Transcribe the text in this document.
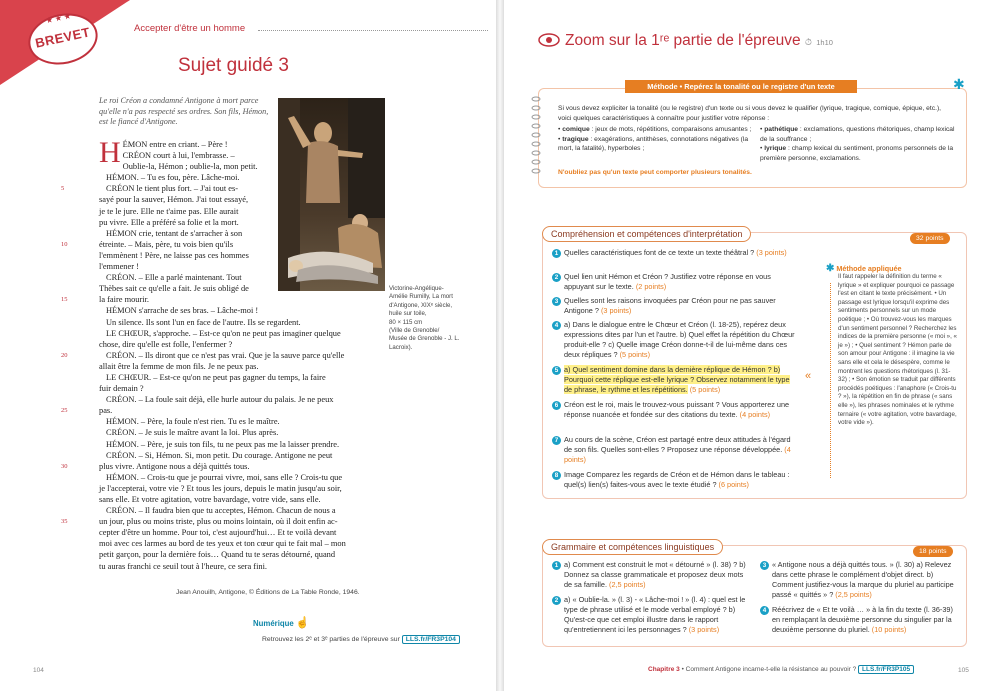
★ ★ ★
BREVET	Accepter d'être un homme
Sujet guidé 3
Le roi Créon a condamné Antigone à mort parce qu'elle n'a pas respecté ses ordres. Son fils, Hémon, est le fiancé d'Antigone.
Victorine-Angélique-
Amélie Rumilly, La mort
d'Antigone, XIXᵉ siècle,
huile sur toile,
80 × 115 cm
(Ville de Grenoble/
Musée de Grenoble - J. L.
Lacroix).
H ÉMON entre en criant. – Père !
CRÉON court à lui, l'embrasse. –
Oublie-la, Hémon ; oublie-la, mon petit.
HÉMON. – Tu es fou, père. Lâche-moi.
5	CRÉON le tient plus fort. – J'ai tout es-
sayé pour la sauver, Hémon. J'ai tout essayé,
je te le jure. Elle ne t'aime pas. Elle aurait
pu vivre. Elle a préféré sa folie et la mort.
HÉMON crie, tentant de s'arracher à son
10	étreinte. – Mais, père, tu vois bien qu'ils
l'emmènent ! Père, ne laisse pas ces hommes
l'emmener !
CRÉON. – Elle a parlé maintenant. Tout
Thèbes sait ce qu'elle a fait. Je suis obligé de
15	la faire mourir.
HÉMON s'arrache de ses bras. – Lâche-moi !
Un silence. Ils sont l'un en face de l'autre. Ils se regardent.
LE CHŒUR, s'approche. – Est-ce qu'on ne peut pas imaginer quelque
chose, dire qu'elle est folle, l'enfermer ?
20	CRÉON. – Ils diront que ce n'est pas vrai. Que je la sauve parce qu'elle
allait être la femme de mon fils. Je ne peux pas.
LE CHŒUR. – Est-ce qu'on ne peut pas gagner du temps, la faire
fuir demain ?
CRÉON. – La foule sait déjà, elle hurle autour du palais. Je ne peux
25	pas.
HÉMON. – Père, la foule n'est rien. Tu es le maître.
CRÉON. – Je suis le maître avant la loi. Plus après.
HÉMON. – Père, je suis ton fils, tu ne peux pas me la laisser prendre.
CRÉON. – Si, Hémon. Si, mon petit. Du courage. Antigone ne peut
30	plus vivre. Antigone nous a déjà quittés tous.
HÉMON. – Crois-tu que je pourrai vivre, moi, sans elle ? Crois-tu que
je l'accepterai, votre vie ? Et tous les jours, depuis le matin jusqu'au soir,
sans elle. Et votre agitation, votre bavardage, votre vide, sans elle.
CRÉON. – Il faudra bien que tu acceptes, Hémon. Chacun de nous a
35	un jour, plus ou moins triste, plus ou moins lointain, où il doit enfin ac-
cepter d'être un homme. Pour toi, c'est aujourd'hui… Et te voilà devant
moi avec ces larmes au bord de tes yeux et ton cœur qui te fait mal – mon
petit garçon, pour la dernière fois… Quand tu te seras détourné, quand
tu auras franchi ce seuil tout à l'heure, ce sera fini.
Jean Anouilh, Antigone, © Éditions de La Table Ronde, 1946.
Numérique ☝
Retrouvez les 2ᵉ et 3ᵉ parties de l'épreuve sur LLS.fr/FR3P104
104
Zoom sur la 1ʳᵉ partie de l'épreuve ⏱ 1h10
Méthode • Repérez la tonalité ou le registre d'un texte	✱
Si vous devez expliciter la tonalité (ou le registre) d'un texte ou si vous devez le qualifier (lyrique, tragique, comique, épique, etc.), voici quelques caractéristiques à connaître pour justifier votre réponse :
• comique : jeux de mots, répétitions, comparaisons amusantes ;
• tragique : exagérations, antithèses, connotations négatives (la mort, la fatalité), hyperboles ;
• pathétique : exclamations, questions rhétoriques, champ lexical de la souffrance ;
• lyrique : champ lexical du sentiment, pronoms personnels de la première personne, exclamations.
N'oubliez pas qu'un texte peut comporter plusieurs tonalités.
Compréhension et compétences d'interprétation	32 points
1 Quelles caractéristiques font de ce texte un texte théâtral ? (3 points)
2 Quel lien unit Hémon et Créon ? Justifiez votre réponse en vous appuyant sur le texte. (2 points)
3 Quelles sont les raisons invoquées par Créon pour ne pas sauver Antigone ? (3 points)
4 a) Dans le dialogue entre le Chœur et Créon (l. 18-25), repérez deux expressions dites par l'un et l'autre. b) Quel effet la répétition du Chœur produit-elle ? c) Quelle image Créon donne-t-il de lui-même dans ces deux répliques ? (5 points)
5 a) Quel sentiment domine dans la dernière réplique de Hémon ? b) Pourquoi cette réplique est-elle lyrique ? Observez notamment le type de phrase, le rythme et les répétitions. (5 points)
6 Créon est le roi, mais le trouvez-vous puissant ? Vous apporterez une réponse nuancée et fondée sur des citations du texte. (4 points)
7 Au cours de la scène, Créon est partagé entre deux attitudes à l'égard de son fils. Quelles sont-elles ? Proposez une réponse développée. (4 points)
8 Image Comparez les regards de Créon et de Hémon dans le tableau : quel(s) lien(s) faites-vous avec le texte étudié ? (6 points)
✱ Méthode appliquée
Il faut rappeler la définition du terme « lyrique » et expliquer pourquoi ce passage l'est en citant le texte précisément. • Un passage est lyrique lorsqu'il exprime des sentiments personnels sur un mode poétique ; • Où trouvez-vous les marques d'un sentiment personnel ? Recherchez les indices de la première personne (« moi », « je ») ; • Quel sentiment ? Hémon parle de son amour pour Antigone : il imagine la vie sans elle et cela le désespère, comme le montrent les questions rhétoriques (l. 31-32) ; • Son émotion se traduit par différents procédés poétiques : l'anaphore (« Crois-tu ? »), la répétition en fin de phrase (« sans elle »), les phrases nominales et le rythme ternaire (« votre agitation, votre bavardage, votre vide »).
«
Grammaire et compétences linguistiques	18 points
1 a) Comment est construit le mot « détourné » (l. 38) ? b) Donnez sa classe grammaticale et proposez deux mots de sa famille. (2,5 points)
2 a) « Oublie-la. » (l. 3) - « Lâche-moi ! » (l. 4) : quel est le type de phrase utilisé et le mode verbal employé ? b) Qu'est-ce que cet emploi illustre dans le rapport qu'entretiennent ici les personnages ? (3 points)
3 « Antigone nous a déjà quittés tous. » (l. 30) a) Relevez dans cette phrase le complément d'objet direct. b) Comment justifiez-vous la marque du pluriel au participe passé « quittés » ? (2,5 points)
4 Réécrivez de « Et te voilà … » à la fin du texte (l. 36-39) en remplaçant la deuxième personne du singulier par la deuxième personne du pluriel. (10 points)
Chapitre 3 • Comment Antigone incarne-t-elle la résistance au pouvoir ? LLS.fr/FR3P105	105
